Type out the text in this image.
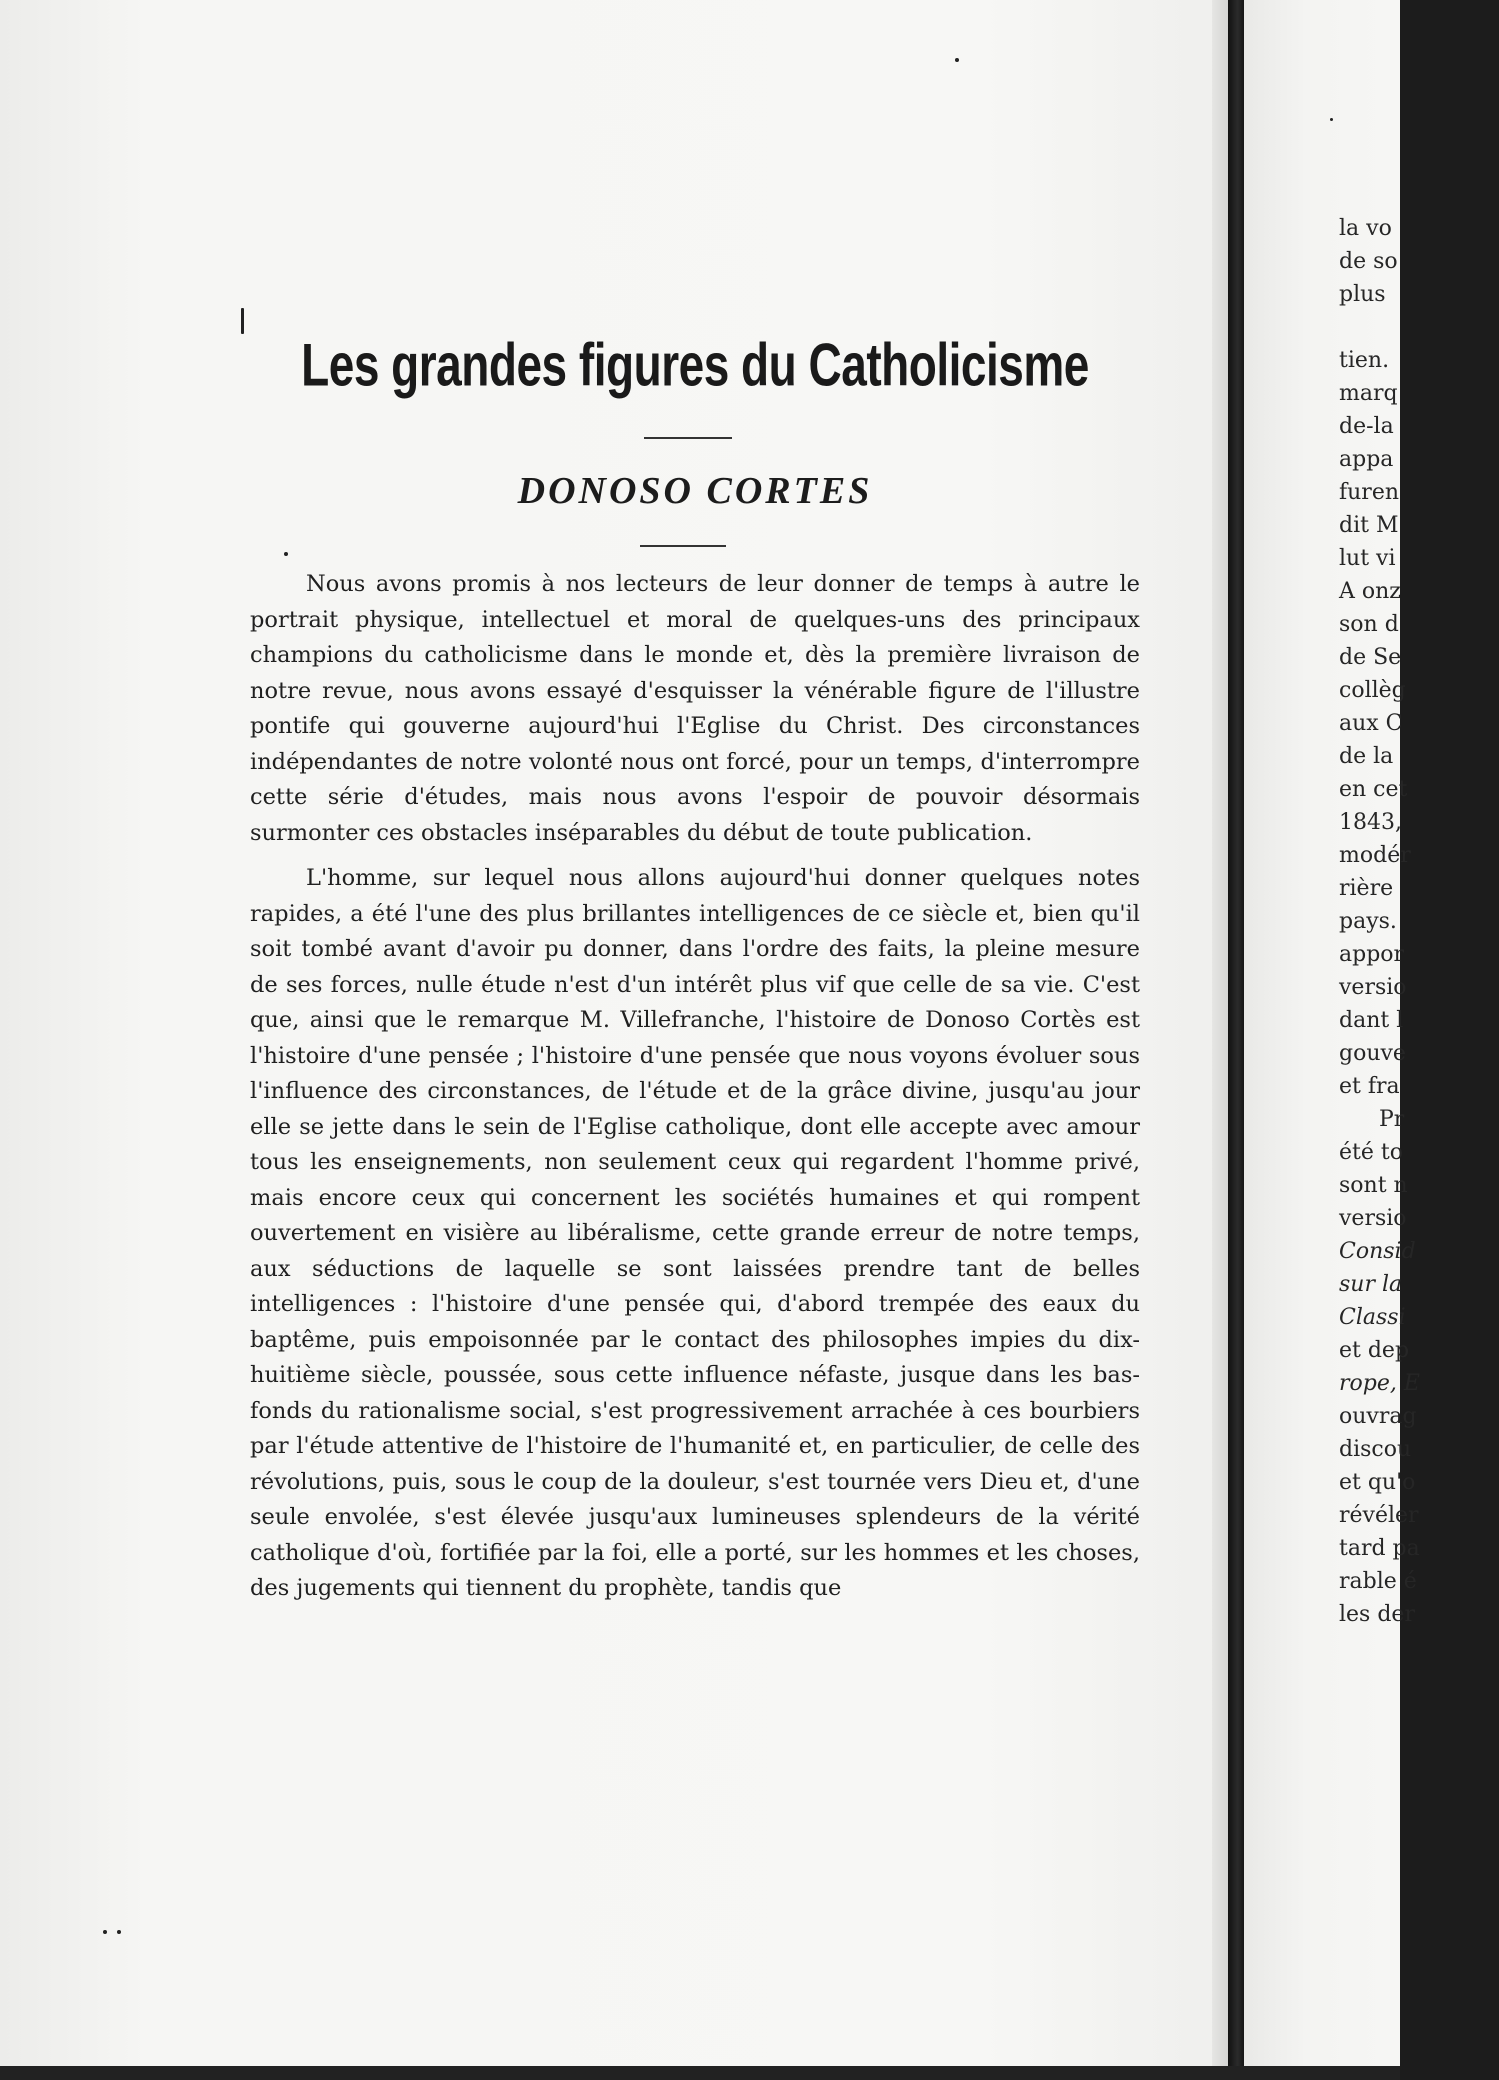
Les grandes figures du Catholicisme
DONOSO CORTES

Nous avons promis à nos lecteurs de leur donner de temps à autre le portrait physique, intellectuel et moral de quelques-uns des principaux champions du catholicisme dans le monde et, dès la première livraison de notre revue, nous avons essayé d'esquisser la vénérable figure de l'illustre pontife qui gouverne aujourd'hui l'Eglise du Christ. Des circonstances indépendantes de notre volonté nous ont forcé, pour un temps, d'interrompre cette série d'études, mais nous avons l'espoir de pouvoir désormais surmonter ces obstacles inséparables du début de toute publication.

L'homme, sur lequel nous allons aujourd'hui donner quelques notes rapides, a été l'une des plus brillantes intelligences de ce siècle et, bien qu'il soit tombé avant d'avoir pu donner, dans l'ordre des faits, la pleine mesure de ses forces, nulle étude n'est d'un intérêt plus vif que celle de sa vie. C'est que, ainsi que le remarque M. Villefranche, l'histoire de Donoso Cortès est l'histoire d'une pensée ; l'histoire d'une pensée que nous voyons évoluer sous l'influence des circonstances, de l'étude et de la grâce divine, jusqu'au jour elle se jette dans le sein de l'Eglise catholique, dont elle accepte avec amour tous les enseignements, non seulement ceux qui regardent l'homme privé, mais encore ceux qui concernent les sociétés humaines et qui rompent ouvertement en visière au libéralisme, cette grande erreur de notre temps, aux séductions de laquelle se sont laissées prendre tant de belles intelligences : l'histoire d'une pensée qui, d'abord trempée des eaux du baptême, puis empoisonnée par le contact des philosophes impies du dix-huitième siècle, poussée, sous cette influence néfaste, jusque dans les bas-fonds du rationalisme social, s'est progressivement arrachée à ces bourbiers par l'étude attentive de l'histoire de l'humanité et, en particulier, de celle des révolutions, puis, sous le coup de la douleur, s'est tournée vers Dieu et, d'une seule envolée, s'est élevée jusqu'aux lumineuses splendeurs de la vérité catholique d'où, fortifiée par la foi, elle a porté, sur les hommes et les choses, des jugements qui tiennent du prophète, tandis que

la vo
de so
plus
tien.
marq
de-la
appa
furen
dit M
lut vi
A onz
son d
de Se
collèg
aux C
de la
en cet
1843,
modér
rière
pays.
appor
versio
dant l
gouve
et fra
Pr
été to
sont n
versio
Consid
sur la
Classi
et dep
rope, E
ouvrag
discou
et qu'o
révéler
tard pa
rable é
les der
